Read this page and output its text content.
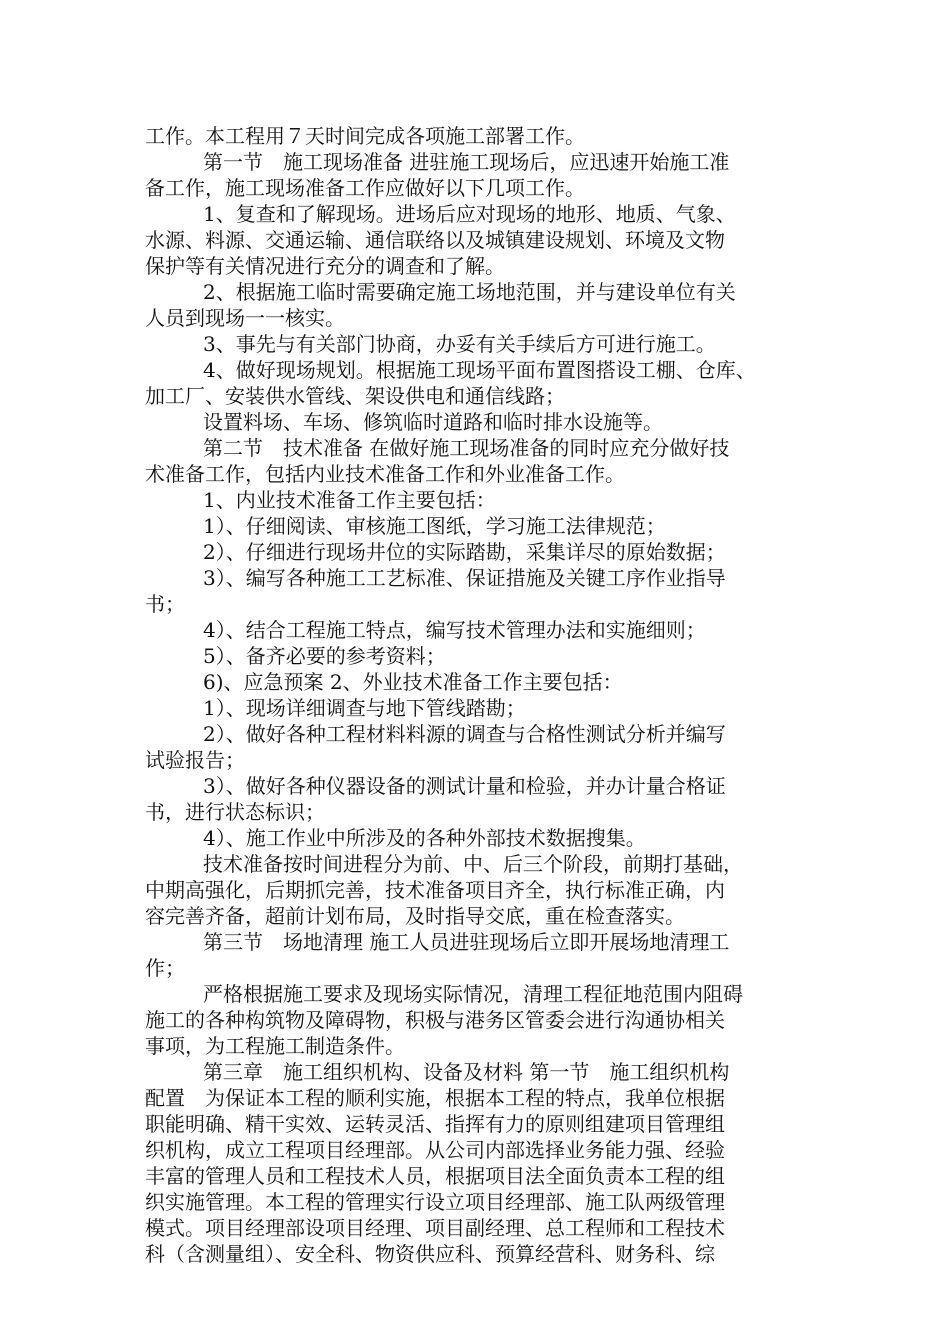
工作。本工程用７天时间完成各项施工部署工作。
第一节　施工现场准备 进驻施工现场后，应迅速开始施工准
备工作，施工现场准备工作应做好以下几项工作。
1、复查和了解现场。进场后应对现场的地形、地质、气象、
水源、料源、交通运输、通信联络以及城镇建设规划、环境及文物
保护等有关情况进行充分的调查和了解。
2、根据施工临时需要确定施工场地范围，并与建设单位有关
人员到现场一一核实。
3、事先与有关部门协商，办妥有关手续后方可进行施工。
4、做好现场规划。根据施工现场平面布置图搭设工棚、仓库、
加工厂、安装供水管线、架设供电和通信线路；
设置料场、车场、修筑临时道路和临时排水设施等。
第二节　技术准备 在做好施工现场准备的同时应充分做好技
术准备工作，包括内业技术准备工作和外业准备工作。
1、内业技术准备工作主要包括：
1）、仔细阅读、审核施工图纸，学习施工法律规范；
2）、仔细进行现场井位的实际踏勘，采集详尽的原始数据；
3）、编写各种施工工艺标准、保证措施及关键工序作业指导
书；
4）、结合工程施工特点，编写技术管理办法和实施细则；
5）、备齐必要的参考资料；
6)、应急预案 2、外业技术准备工作主要包括：
1）、现场详细调查与地下管线踏勘；
2）、做好各种工程材料料源的调查与合格性测试分析并编写
试验报告；
3）、做好各种仪器设备的测试计量和检验，并办计量合格证
书，进行状态标识；
4）、施工作业中所涉及的各种外部技术数据搜集。
技术准备按时间进程分为前、中、后三个阶段，前期打基础，
中期高强化，后期抓完善，技术准备项目齐全，执行标准正确，内
容完善齐备，超前计划布局，及时指导交底，重在检查落实。
第三节　场地清理 施工人员进驻现场后立即开展场地清理工
作；
严格根据施工要求及现场实际情况，清理工程征地范围内阻碍
施工的各种构筑物及障碍物，积极与港务区管委会进行沟通协相关
事项，为工程施工制造条件。
第三章　施工组织机构、设备及材料 第一节　施工组织机构
配置　为保证本工程的顺利实施，根据本工程的特点，我单位根据
职能明确、精干实效、运转灵活、指挥有力的原则组建项目管理组
织机构，成立工程项目经理部。从公司内部选择业务能力强、经验
丰富的管理人员和工程技术人员，根据项目法全面负责本工程的组
织实施管理。本工程的管理实行设立项目经理部、施工队两级管理
模式。项目经理部设项目经理、项目副经理、总工程师和工程技术
科（含测量组）、安全科、物资供应科、预算经营科、财务科、综
